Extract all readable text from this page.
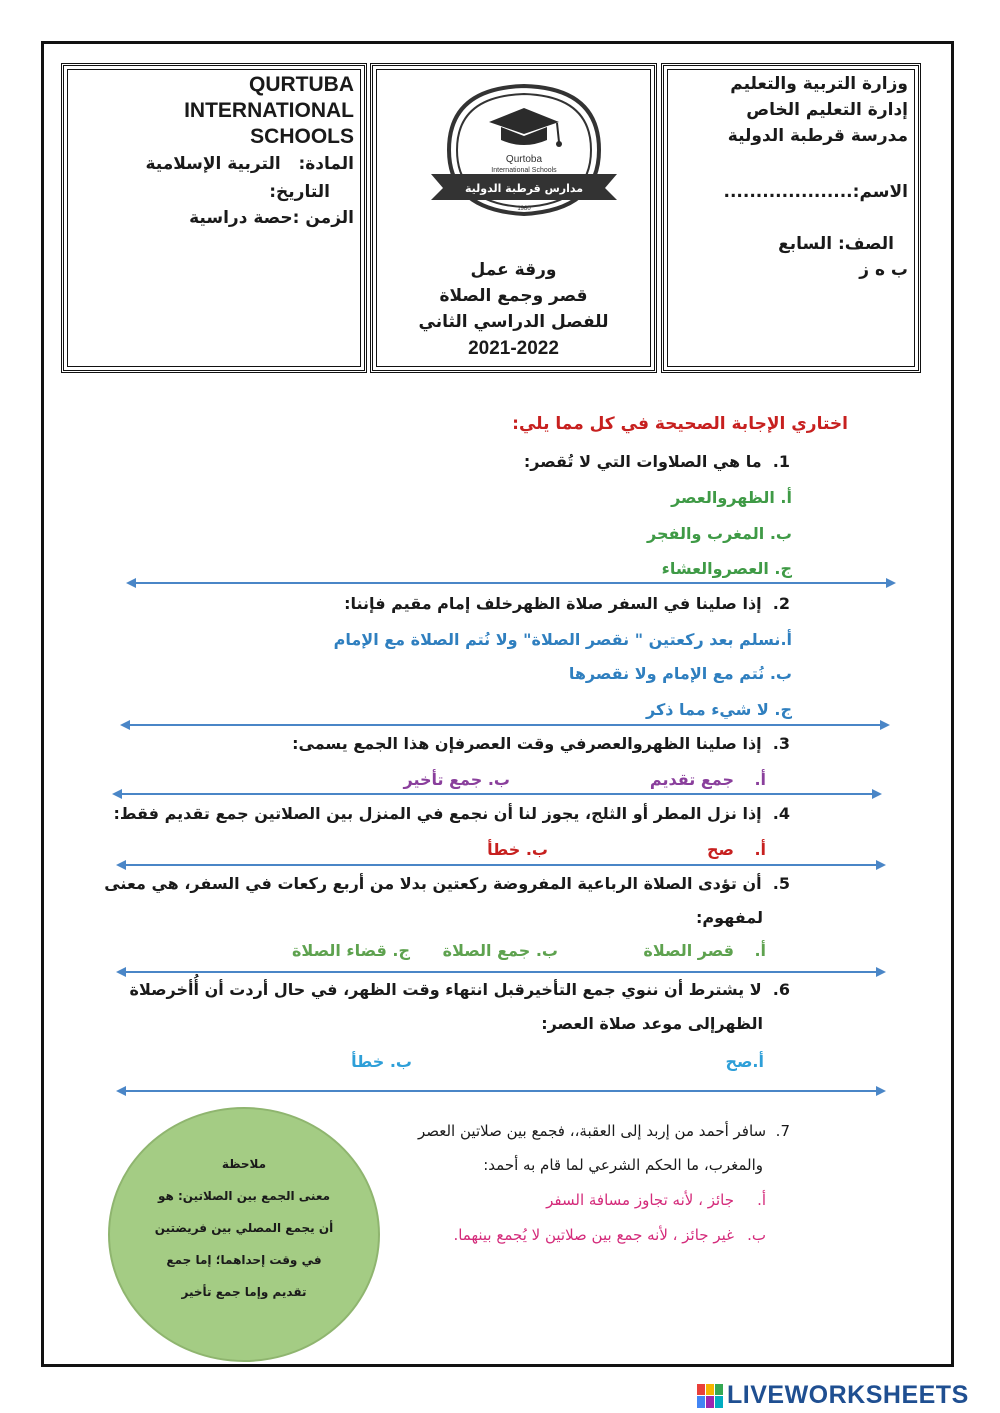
QURTUBA
INTERNATIONAL
SCHOOLS
المادة:   التربية الإسلامية
التاريخ:
الزمن :حصة دراسية
Qurtoba
International Schools
مدارس قرطبة الدولية
1980
ورقة عمل
قصر وجمع الصلاة
للفصل الدراسي الثاني
2021-2022
وزارة التربية والتعليم
إدارة التعليم الخاص
مدرسة قرطبة الدولية
الاسم:....................
الصف: السابع
ب ه ز
اختاري الإجابة الصحيحة في كل مما يلي:
1.  ما هي الصلاوات التي لا تُقصر:
أ. الظهروالعصر
ب. المغرب والفجر
ج. العصروالعشاء
2.  إذا صلينا في السفر صلاة الظهرخلف إمام مقيم فإننا:
أ.نسلم بعد ركعتين " نقصر الصلاة" ولا نُتم الصلاة مع الإمام
ب. نُتم مع الإمام ولا نقصرها
ج. لا شيء مما ذكر
3.  إذا صلينا الظهروالعصرفي وقت العصرفإن هذا الجمع يسمى:
أ.
جمع تقديم
ب. جمع تأخير
4.  إذا نزل المطر أو الثلج، يجوز لنا أن نجمع في المنزل بين الصلاتين جمع تقديم فقط:
أ.
صح
ب. خطأ
5.  أن تؤدى الصلاة الرباعية المفروضة ركعتين بدلا من أربع ركعات في السفر، هي معنى
لمفهوم:
أ.
قصر الصلاة
ب. جمع الصلاة
ج. قضاء الصلاة
6.  لا يشترط أن ننوي جمع التأخيرقبل انتهاء وقت الظهر، في حال أردت أن أُأخرصلاة
الظهرإلى موعد صلاة العصر:
أ.صح
ب. خطأ
7.  سافر أحمد من إربد إلى العقبة،، فجمع بين صلاتين العصر
والمغرب، ما الحكم الشرعي لما قام به أحمد:
أ.
جائز ، لأنه تجاوز مسافة السفر
ب.
غير جائز ، لأنه جمع بين صلاتين لا يُجمع بينهما.
ملاحظة
معنى الجمع بين الصلاتين: هو
أن يجمع المصلي بين فريضتين
في وقت إحداهما؛ إما جمع
تقديم وإما جمع تأخير
LIVEWORKSHEETS
